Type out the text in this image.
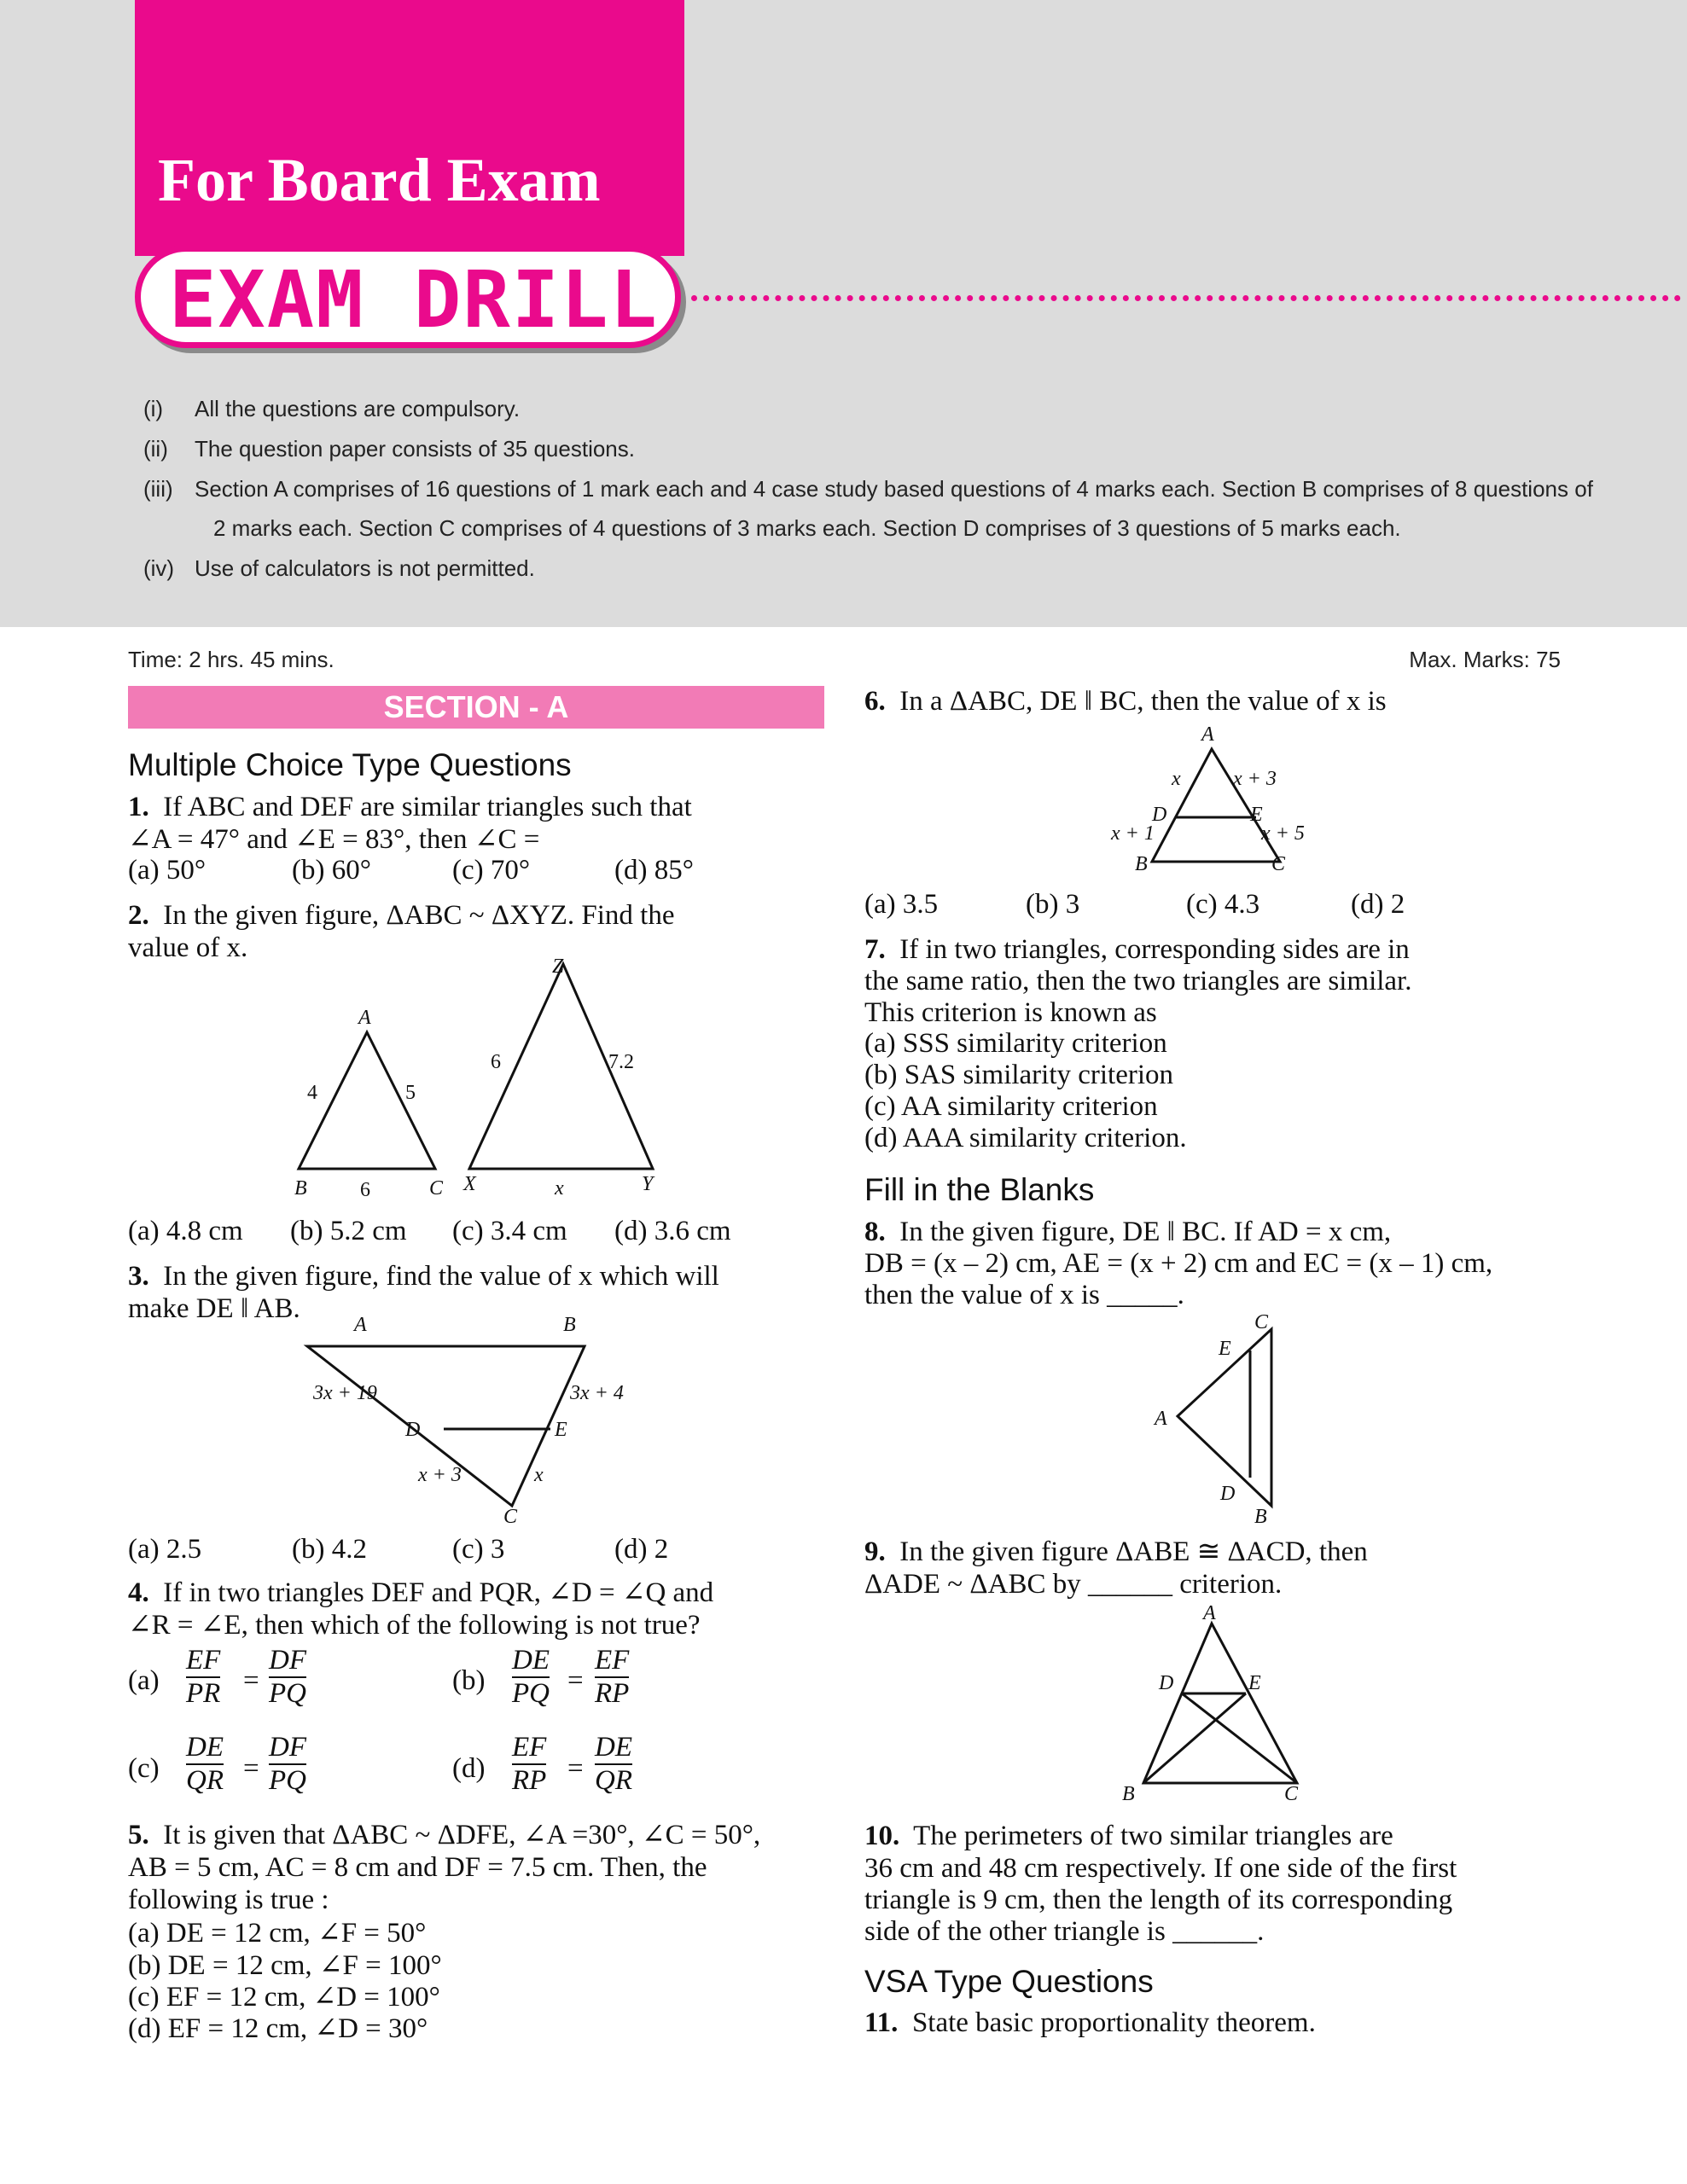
For Board Exam
EXAM DRILL
(i) All the questions are compulsory.
(ii) The question paper consists of 35 questions.
(iii) Section A comprises of 16 questions of 1 mark each and 4 case study based questions of 4 marks each. Section B comprises of 8 questions of
2 marks each. Section C comprises of 4 questions of 3 marks each. Section D comprises of 3 questions of 5 marks each.
(iv) Use of calculators is not permitted.
Time: 2 hrs. 45 mins.	Max. Marks: 75
SECTION - A
Multiple Choice Type Questions
1. If ABC and DEF are similar triangles such that
∠A = 47° and ∠E = 83°, then ∠C =
(a) 50°	(b) 60°	(c) 70°	(d) 85°
2. In the given figure, ΔABC ~ ΔXYZ. Find the
value of x.
A
B	C
4	5
6
Z
X	Y
6	7.2
x
(a) 4.8 cm (b) 5.2 cm (c) 3.4 cm (d) 3.6 cm
3. In the given figure, find the value of x which will
make DE ‖ AB.
A	B
C
D	E
3x + 19	3x + 4
x + 3	x
(a) 2.5	(b) 4.2	(c) 3	(d) 2
4. If in two triangles DEF and PQR, ∠D = ∠Q and
∠R = ∠E, then which of the following is not true?
$(a) \frac{EF}{PR} = \frac{DF}{PQ}$	$(b) \frac{DE}{PQ} = \frac{EF}{RP}$
$(c) \frac{DE}{QR} = \frac{DF}{PQ}$	$(d) \frac{EF}{RP} = \frac{DE}{QR}$
5. It is given that ΔABC ~ ΔDFE, ∠A =30°, ∠C = 50°,
AB = 5 cm, AC = 8 cm and DF = 7.5 cm. Then, the
following is true :
(a) DE = 12 cm, ∠F = 50°
(b) DE = 12 cm, ∠F = 100°
(c) EF = 12 cm, ∠D = 100°
(d) EF = 12 cm, ∠D = 30°
6. In a ΔABC, DE ‖ BC, then the value of x is
A
B	C
D	E
x	x + 3
x + 1	x + 5
(a) 3.5	(b) 3	(c) 4.3	(d) 2
7. If in two triangles, corresponding sides are in
the same ratio, then the two triangles are similar.
This criterion is known as
(a) SSS similarity criterion
(b) SAS similarity criterion
(c) AA similarity criterion
(d) AAA similarity criterion.
Fill in the Blanks
8. In the given figure, DE ‖ BC. If AD = x cm,
DB = (x – 2) cm, AE = (x + 2) cm and EC = (x – 1) cm,
then the value of x is _____.
A
B
C
D
E
9. In the given figure ΔABE ≅ ΔACD, then
ΔADE ~ ΔABC by ______ criterion.
A
B	C
D	E
10. The perimeters of two similar triangles are
36 cm and 48 cm respectively. If one side of the first
triangle is 9 cm, then the length of its corresponding
side of the other triangle is ______.
VSA Type Questions
11. State basic proportionality theorem.
